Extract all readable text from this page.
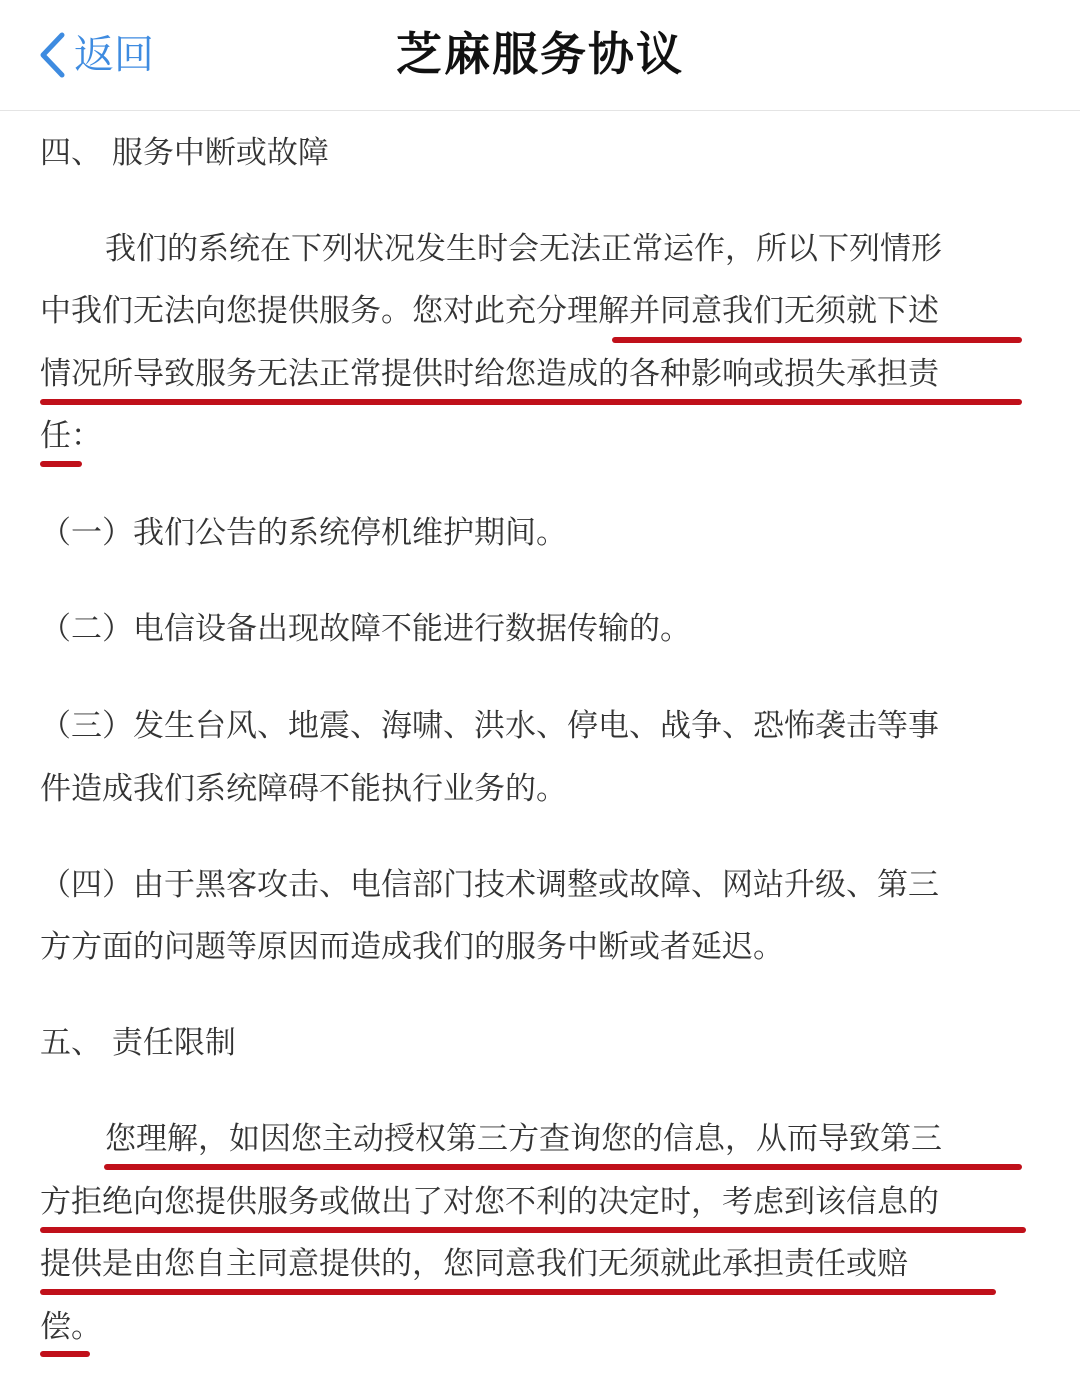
返回	芝麻服务协议
四、 服务中断或故障
我们的系统在下列状况发生时会无法正常运作，所以下列情形
中我们无法向您提供服务。您对此充分理解并同意我们无须就下述
情况所导致服务无法正常提供时给您造成的各种影响或损失承担责
任：
（一）我们公告的系统停机维护期间。
（二）电信设备出现故障不能进行数据传输的。
（三）发生台风、地震、海啸、洪水、停电、战争、恐怖袭击等事
件造成我们系统障碍不能执行业务的。
（四）由于黑客攻击、电信部门技术调整或故障、网站升级、第三
方方面的问题等原因而造成我们的服务中断或者延迟。
五、 责任限制
您理解，如因您主动授权第三方查询您的信息，从而导致第三
方拒绝向您提供服务或做出了对您不利的决定时，考虑到该信息的
提供是由您自主同意提供的，您同意我们无须就此承担责任或赔
偿。
